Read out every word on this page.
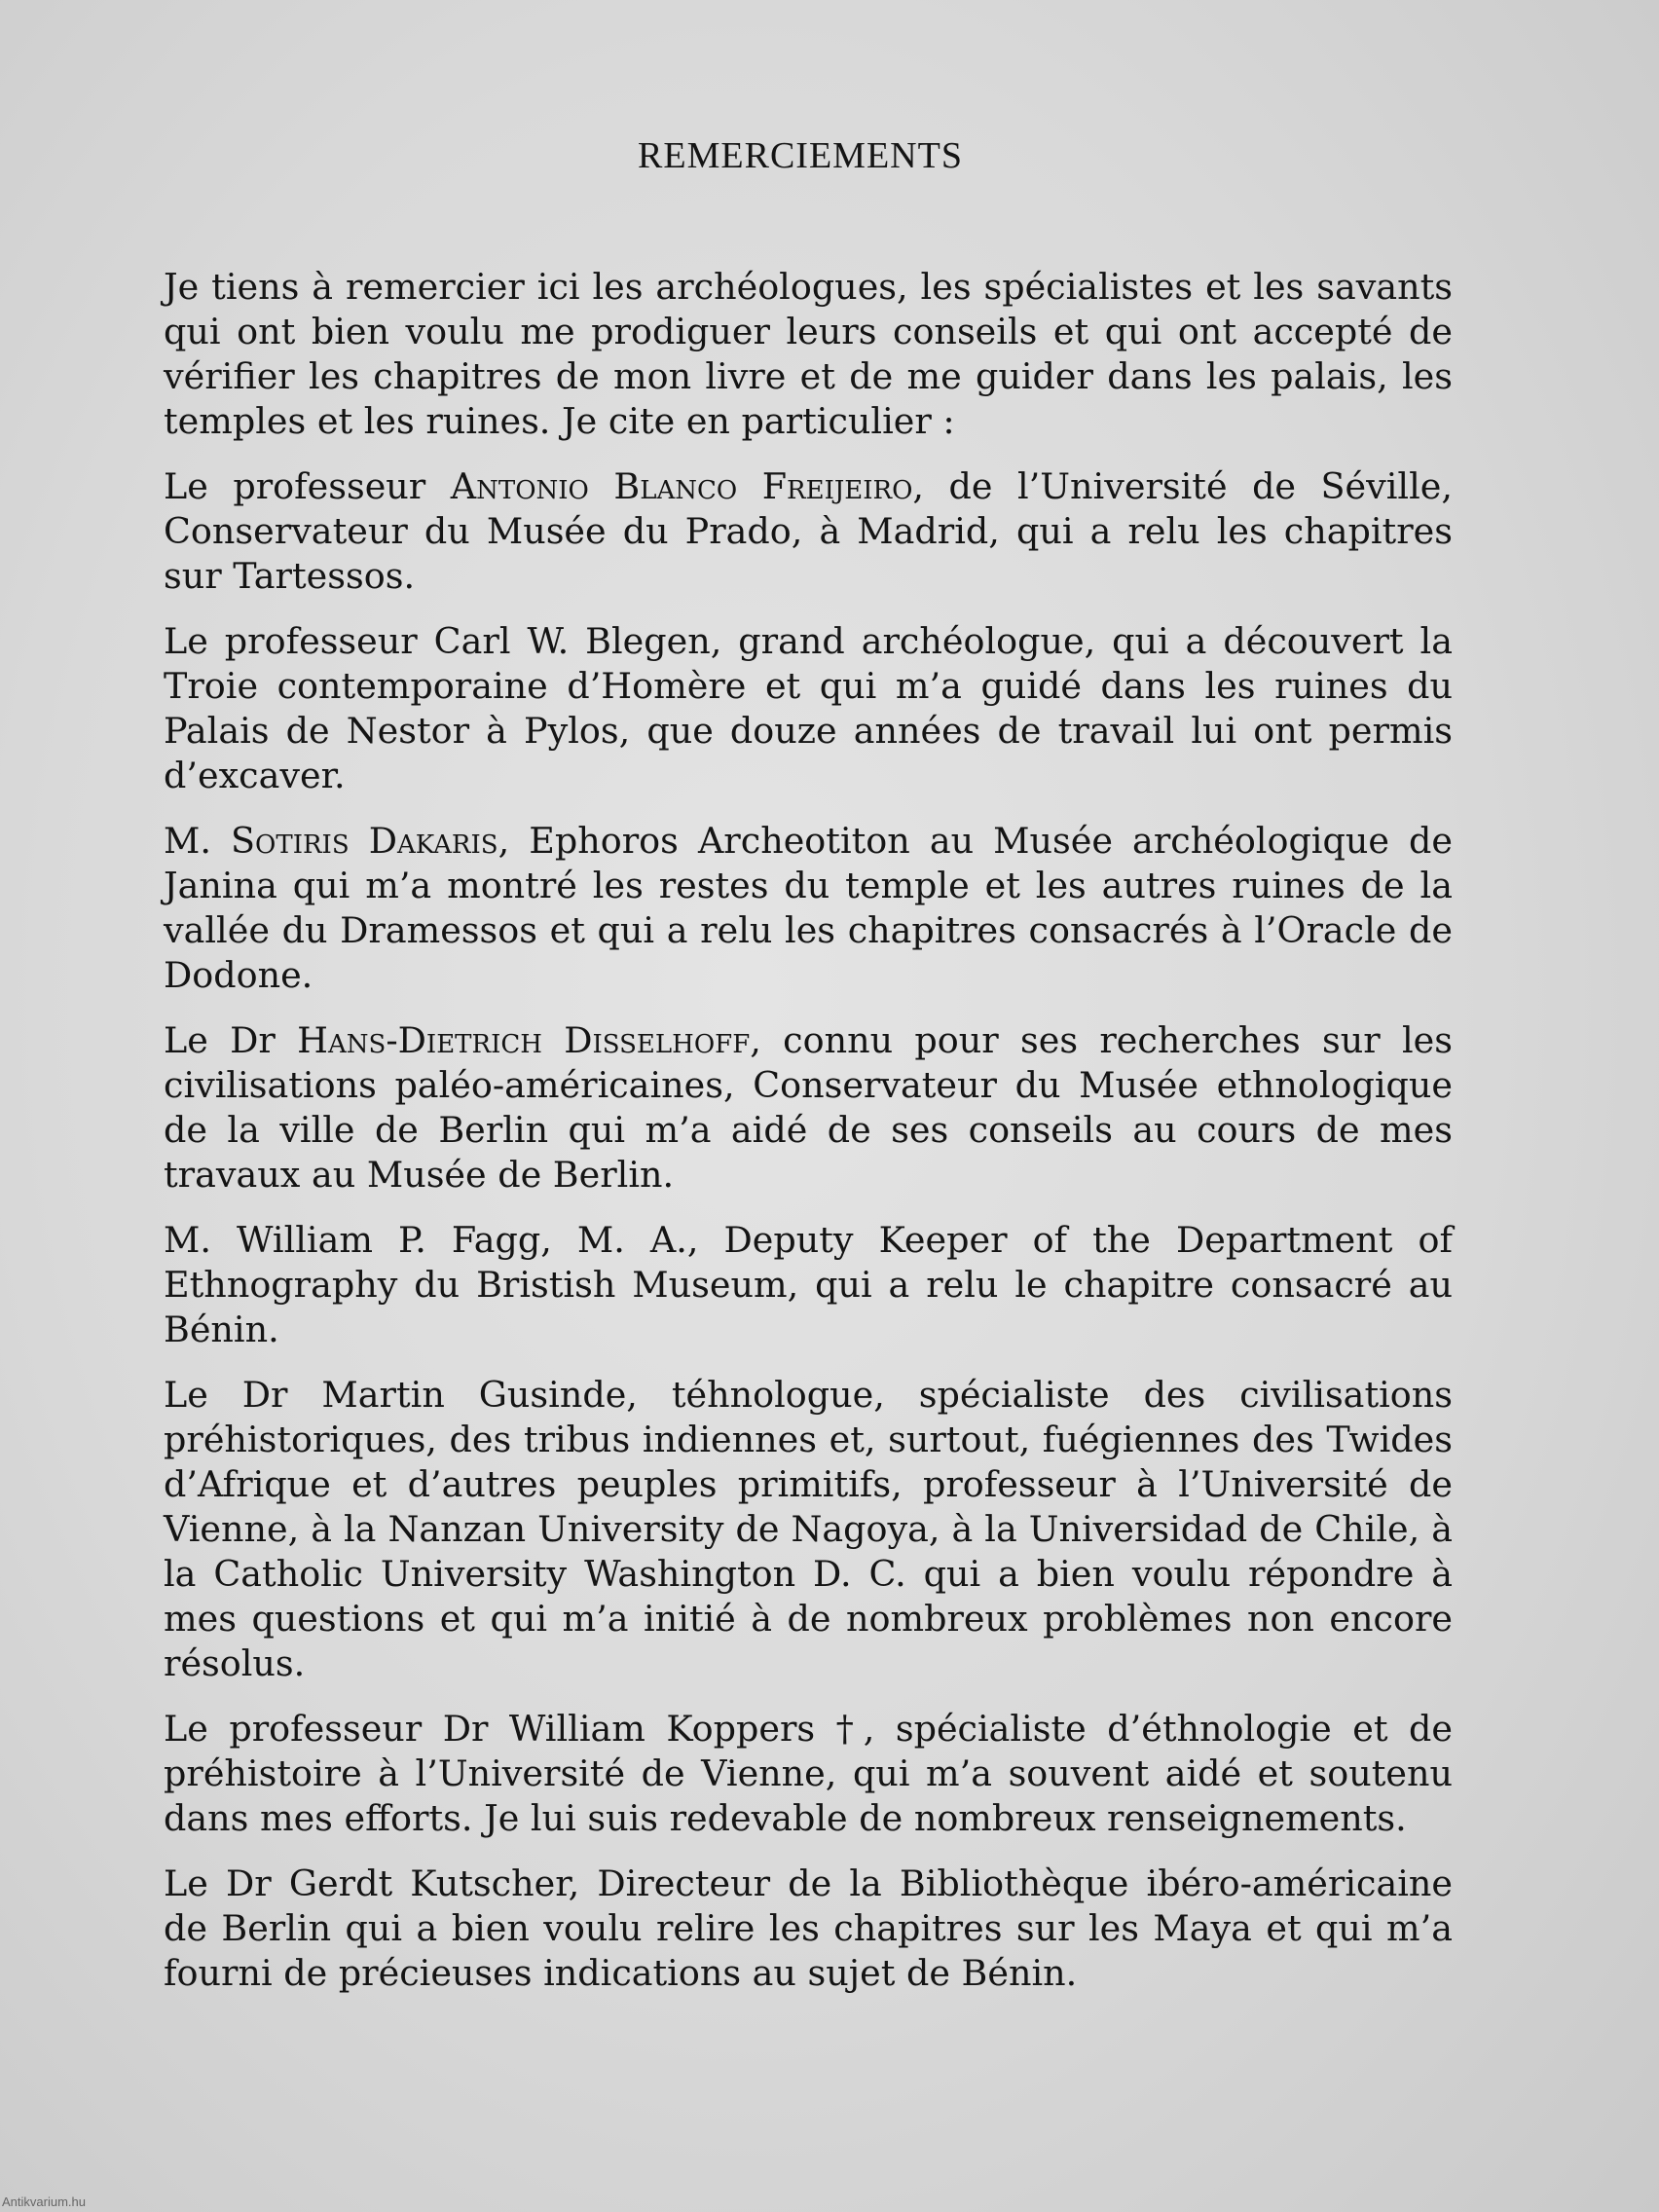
REMERCIEMENTS

Je tiens à remercier ici les archéologues, les spécialistes et les savants qui ont bien voulu me prodiguer leurs conseils et qui ont accepté de vérifier les chapitres de mon livre et de me guider dans les palais, les temples et les ruines. Je cite en particulier :

Le professeur Antonio Blanco Freijeiro, de l’Université de Séville, Conservateur du Musée du Prado, à Madrid, qui a relu les chapitres sur Tartessos.

Le professeur Carl W. Blegen, grand archéologue, qui a découvert la Troie contemporaine d’Homère et qui m’a guidé dans les ruines du Palais de Nestor à Pylos, que douze années de travail lui ont permis d’excaver.

M. Sotiris Dakaris, Ephoros Archeotiton au Musée archéologique de Janina qui m’a montré les restes du temple et les autres ruines de la vallée du Dramessos et qui a relu les chapitres consacrés à l’Oracle de Dodone.

Le Dr Hans-Dietrich Disselhoff, connu pour ses recherches sur les civilisations paléo-américaines, Conservateur du Musée ethnologique de la ville de Berlin qui m’a aidé de ses conseils au cours de mes travaux au Musée de Berlin.

M. William P. Fagg, M. A., Deputy Keeper of the Department of Ethnography du Bristish Museum, qui a relu le chapitre consacré au Bénin.

Le Dr Martin Gusinde, téhnologue, spécialiste des civilisations préhistoriques, des tribus indiennes et, surtout, fuégiennes des Twides d’Afrique et d’autres peuples primitifs, professeur à l’Université de Vienne, à la Nanzan University de Nagoya, à la Universidad de Chile, à la Catholic University Washington D. C. qui a bien voulu répondre à mes questions et qui m’a initié à de nombreux problèmes non encore résolus.

Le professeur Dr William Koppers †, spécialiste d’éthnologie et de préhistoire à l’Université de Vienne, qui m’a souvent aidé et soutenu dans mes efforts. Je lui suis redevable de nombreux renseignements.

Le Dr Gerdt Kutscher, Directeur de la Bibliothèque ibéro-américaine de Berlin qui a bien voulu relire les chapitres sur les Maya et qui m’a fourni de précieuses indications au sujet de Bénin.

Antikvarium.hu
